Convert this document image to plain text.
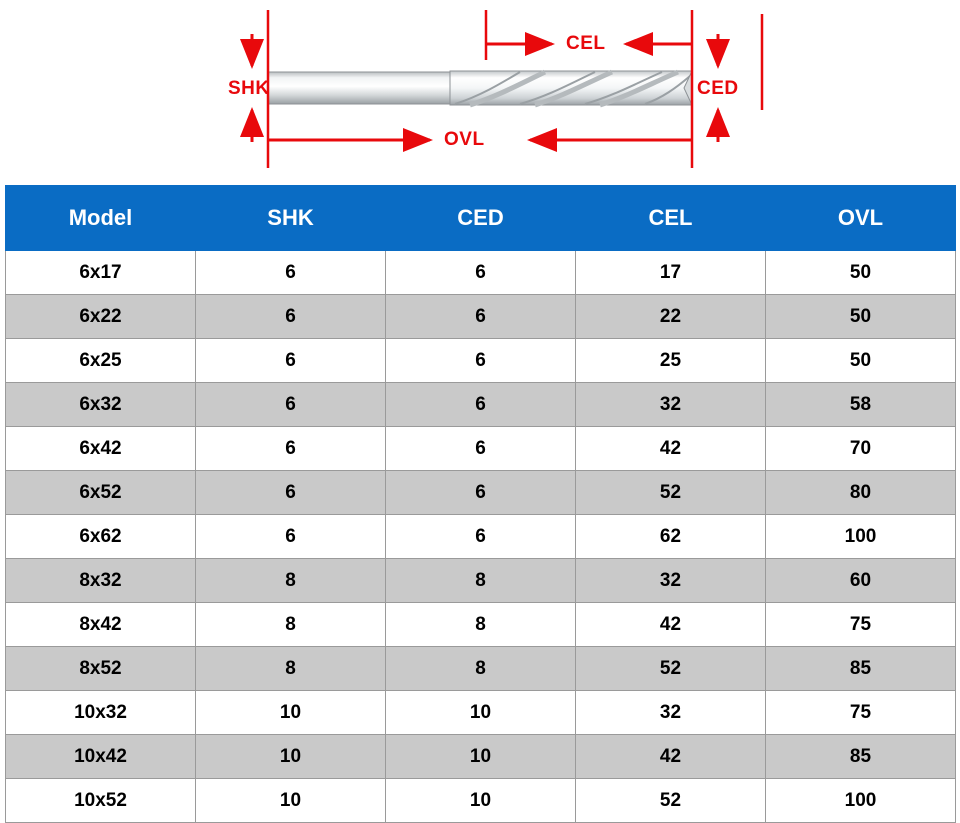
SHK
CEL
CED
OVL
Model	SHK	CED	CEL	OVL
6x17	6	6	17	50
6x22	6	6	22	50
6x25	6	6	25	50
6x32	6	6	32	58
6x42	6	6	42	70
6x52	6	6	52	80
6x62	6	6	62	100
8x32	8	8	32	60
8x42	8	8	42	75
8x52	8	8	52	85
10x32	10	10	32	75
10x42	10	10	42	85
10x52	10	10	52	100
